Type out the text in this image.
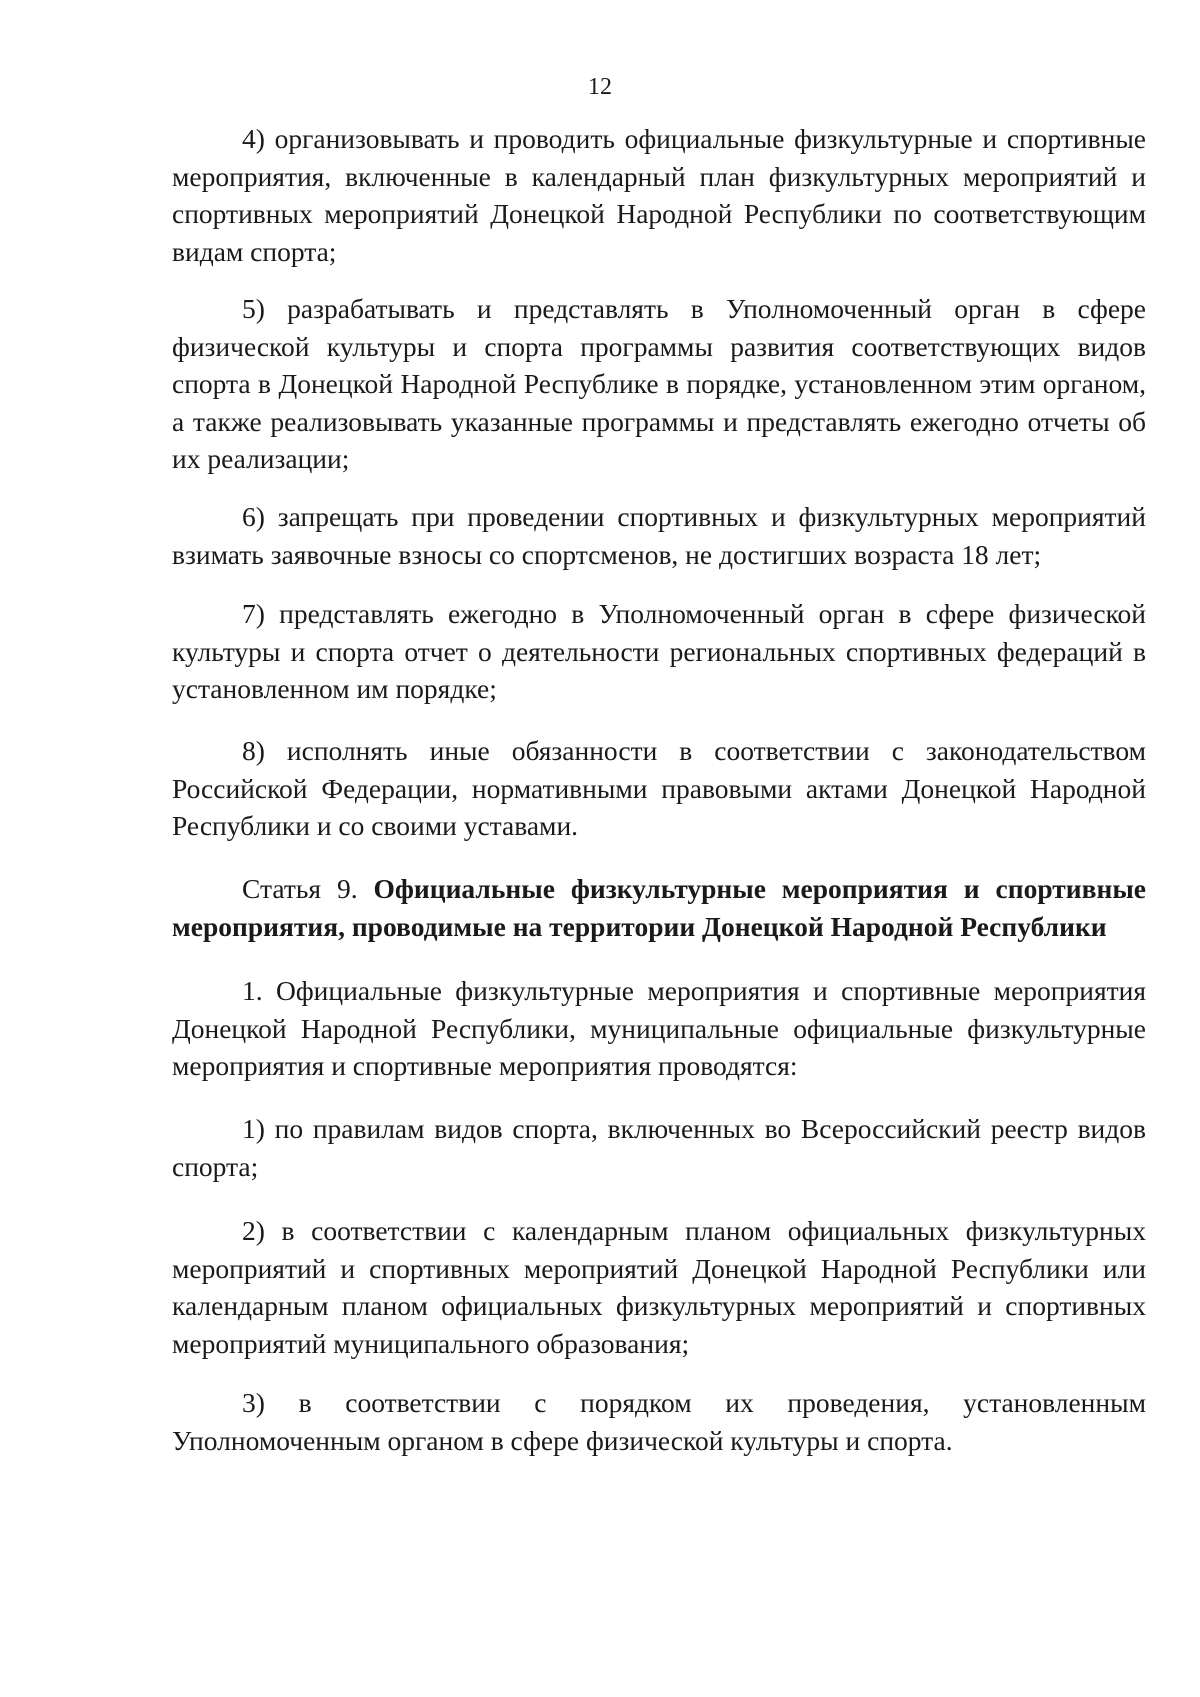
12

4) организовывать и проводить официальные физкультурные и спортивные мероприятия, включенные в календарный план физкультурных мероприятий и спортивных мероприятий Донецкой Народной Республики по соответствующим видам спорта;

5) разрабатывать и представлять в Уполномоченный орган в сфере физической культуры и спорта программы развития соответствующих видов спорта в Донецкой Народной Республике в порядке, установленном этим органом, а также реализовывать указанные программы и представлять ежегодно отчеты об их реализации;

6) запрещать при проведении спортивных и физкультурных мероприятий взимать заявочные взносы со спортсменов, не достигших возраста 18 лет;

7) представлять ежегодно в Уполномоченный орган в сфере физической культуры и спорта отчет о деятельности региональных спортивных федераций в установленном им порядке;

8) исполнять иные обязанности в соответствии с законодательством Российской Федерации, нормативными правовыми актами Донецкой Народной Республики и со своими уставами.

Статья 9. Официальные физкультурные мероприятия и спортивные мероприятия, проводимые на территории Донецкой Народной Республики

1. Официальные физкультурные мероприятия и спортивные мероприятия Донецкой Народной Республики, муниципальные официальные физкультурные мероприятия и спортивные мероприятия проводятся:

1) по правилам видов спорта, включенных во Всероссийский реестр видов спорта;

2) в соответствии с календарным планом официальных физкультурных мероприятий и спортивных мероприятий Донецкой Народной Республики или календарным планом официальных физкультурных мероприятий и спортивных мероприятий муниципального образования;

3) в соответствии с порядком их проведения, установленным Уполномоченным органом в сфере физической культуры и спорта.
